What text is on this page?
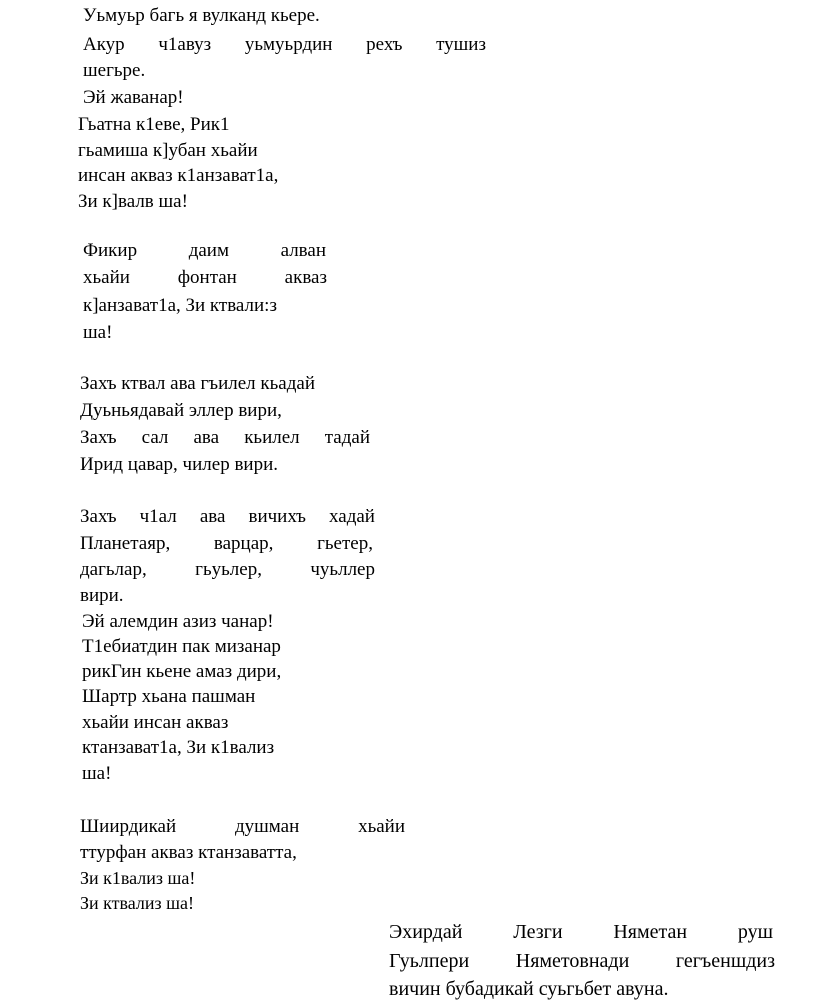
Уьмуьр багь я вулканд кьере.
Акур ч1авуз уьмуьрдин рехъ тушиз
шегьре.
Эй жаванар!
Гьатна к1еве, Рик1
гьамиша к]убан хьайи
инсан акваз к1анзават1а,
Зи к]валв ша!
Фикир	даим	алван
хьайи	фонтан	акваз
к]анзават1а, Зи ктвали:з
ша!
Захъ ктвал ава гъилел кьадай
Дуьньядавай эллер вири,
Захъ сал ава кьилел тадай
Ирид цавар, чилер вири.
Захъ ч1ал ава вичихъ хадай
Планетаяр, варцар, гьетер,
дагьлар,	гьуьлер,	чуьллер
вири.
Эй алемдин азиз чанар!
Т1ебиатдин пак мизанар
рикГин кьене амаз дири,
Шартр хьана пашман
хьайи инсан акваз
ктанзават1а, Зи к1вализ
ша!
Шиирдикай	душман	хьайи
ттурфан акваз ктанзаватта,
Зи к1вализ ша!
Зи ктвализ ша!
Эхирдай	Лезги	Няметан	руш
Гуьлпери Няметовнади гегъеншдиз
вичин бубадикай суьгьбет авуна.
